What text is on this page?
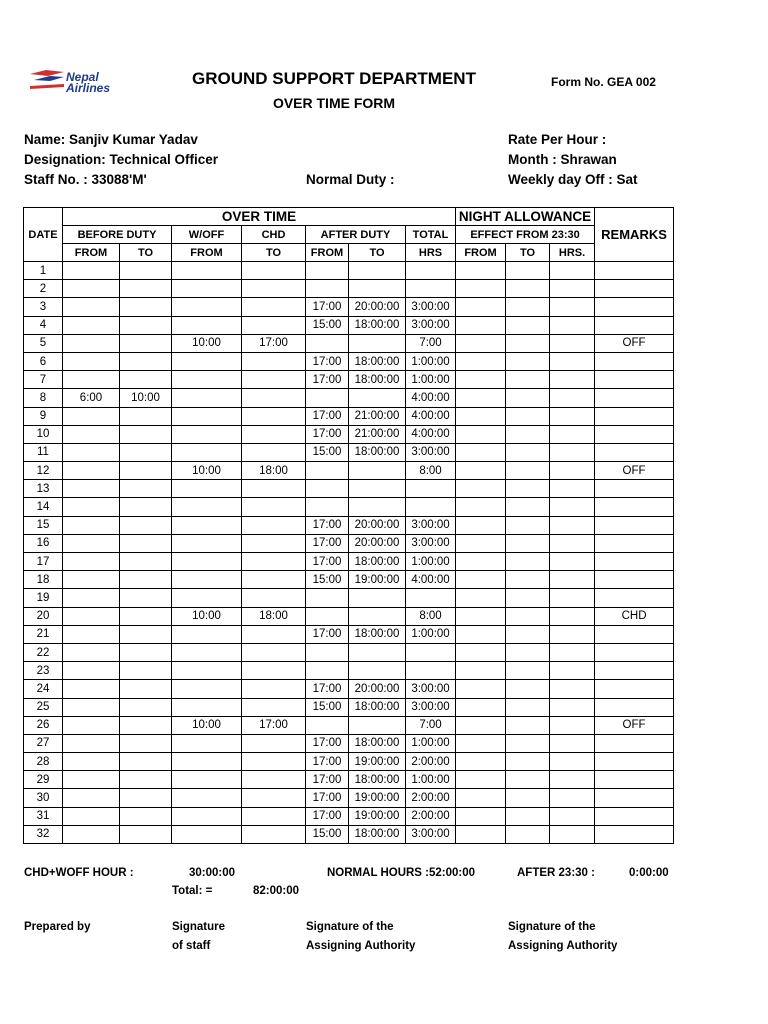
Nepal
Airlines	GROUND SUPPORT DEPARTMENT
OVER TIME FORM
Form No. GEA 002
Name: Sanjiv Kumar Yadav
Designation: Technical Officer
Staff No. : 33088'M'	Normal Duty :
Rate Per Hour :
Month : Shrawan
Weekly day Off : Sat
DATE	OVER TIME							NIGHT ALLOWANCE			REMARKS
	BEFORE DUTY		W/OFF	CHD	AFTER DUTY		TOTAL	EFFECT FROM 23:30			
	FROM	TO	FROM	TO	FROM	TO	HRS	FROM	TO	HRS.	
1											
2											
3					17:00	20:00:00	3:00:00				
4					15:00	18:00:00	3:00:00				
5			10:00	17:00			7:00				OFF
6					17:00	18:00:00	1:00:00				
7					17:00	18:00:00	1:00:00				
8	6:00	10:00					4:00:00				
9					17:00	21:00:00	4:00:00				
10					17:00	21:00:00	4:00:00				
11					15:00	18:00:00	3:00:00				
12			10:00	18:00			8:00				OFF
13											
14											
15					17:00	20:00:00	3:00:00				
16					17:00	20:00:00	3:00:00				
17					17:00	18:00:00	1:00:00				
18					15:00	19:00:00	4:00:00				
19											
20			10:00	18:00			8:00				CHD
21					17:00	18:00:00	1:00:00				
22											
23											
24					17:00	20:00:00	3:00:00				
25					15:00	18:00:00	3:00:00				
26			10:00	17:00			7:00				OFF
27					17:00	18:00:00	1:00:00				
28					17:00	19:00:00	2:00:00				
29					17:00	18:00:00	1:00:00				
30					17:00	19:00:00	2:00:00				
31					17:00	19:00:00	2:00:00				
32					15:00	18:00:00	3:00:00				
CHD+WOFF HOUR :	30:00:00	NORMAL HOURS :52:00:00	AFTER 23:30 :	0:00:00
Total: =	82:00:00
Prepared by	Signature
of staff
Signature of the
Assigning Authority
Signature of the
Assigning Authority
